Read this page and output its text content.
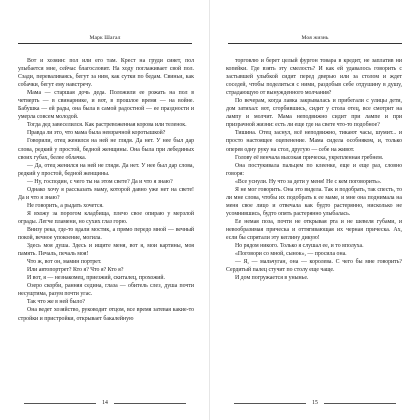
Марк Шагал

Вот и хозяин: пол или его там. Крест на груди сияет, пол улыбается мне, сейчас благословит. На ходу поглаживает свой пол. Сзади, переваливаясь, бегут за ним, как сутки по бедам. Свиньи, как собачки, бегут ему навстречу.

Мама — старшая дочь деда. Положили ее рожать на пол в четверть — в свинарнике, и вот, в прошлое время — на войне. Бабушка — ей рады, она была в самой радостной — ее праздности и умерла совсем молодой.

Тогда дед завеселился. Как растревоженная корова или теленок.

Правда ли это, что мама была невзрачной коротышкой?

Говорили, отец женился на ней не глядя. Да нет. У нее был дар слова, редкий у простой, бедной женщины. Она была при лебединых своих губах, белее облачка.

— Да, отец женился на ней не глядя. Да нет. У нее был дар слова, редкий у простой, бедной женщины.

— Ну, господин, с чего ты на этом свете? Да и что я знаю?

Однако хочу я рассказать маму, которой давно уже нет на свете! Да и что я знаю?

Не говорить, а рыдать хочется.

Я вхожу за порогом кладбища, плечо свое опираю у мерзлой ограды. Легче пламени, но сухих глаз горю.

Внизу река, где-то вдали мостик, а прямо передо мной — вечный покой, вечное упокоение, могила.

Здесь моя душа. Здесь и ищите меня, вот я, мои картины, моя память. Печаль, печаль моя!

Что ж, вот он, мамин портрет.

Или автопортрет? Кто я? Что я? Кто я?

И вот, я — незнакомец, приезжий, скиталец, прохожий.

Озеро скорби, ранняя седина, глаза — обитель слез, душа почти несущтима, разум почти угас.

Так что же в ней было?

Она ведет хозяйство, руководит отцом, все время затевая какие-то стройки и пристройки, открывает бакалейную

14
Моя жизнь

торговлю и берет целый фургон товара в кредит, не заплатив ни копейки. Где взять эту смелость? И как ей удавалось говорить с застывшей улыбкой сидит перед дверью или за столом и ждет соседей, чтобы поделиться с ними, раздобыв себе отдушину в душу, страдающую от вынужденного молчания?

По вечерам, когда лавка закрывалась и прибегали с улицы дети, дом затихал: вот, сгорбившись, сидит у стола отец, все смотрит на лампу и молчит. Мама неподвижно сидит при лампе и при призрачной жизни: есть ли еще где на свете что-то подобное?

Тишина. Отец заснул, всё неподвижно, тикают часы, шумит... и просто настоящее оцепенение. Мама сидела особняком, и, только оперев одну руку на стол, другую — себе на живот.

Голову её венчала высокая прическа, укрепленная гребнем.

Она постукивала пальцем по клеенке, еще и еще раз, словно говоря:

«Все уснули. Ну что за дети у меня! Не с кем поговорить».

Я не мог говорить. Она это видела. Так и подобрать, так спесть, то ли мне слова, чтобы их подобрать к ее маме, и мне она поднимала на меня свое лицо и отвечала как будто растерянно, нисколько не усомнившись, будто опять растерянно улыбалась.

Ее немая поза, почти не открывая рта и не шевеля губами, и невообразимая прическа и оттягивающая их черная прическа. Ах, если бы спрятали эту кеглину дикую!

Но рядом никого. Только я слушал ее, и то вполуха.

«Поговори со мной, сынок», — просила она.

— Я, — мальчуган, она — королева. С чего бы мне говорить? Сердитый палец стучит по столу еще чаще.

И дом погружается в унынье.

15
